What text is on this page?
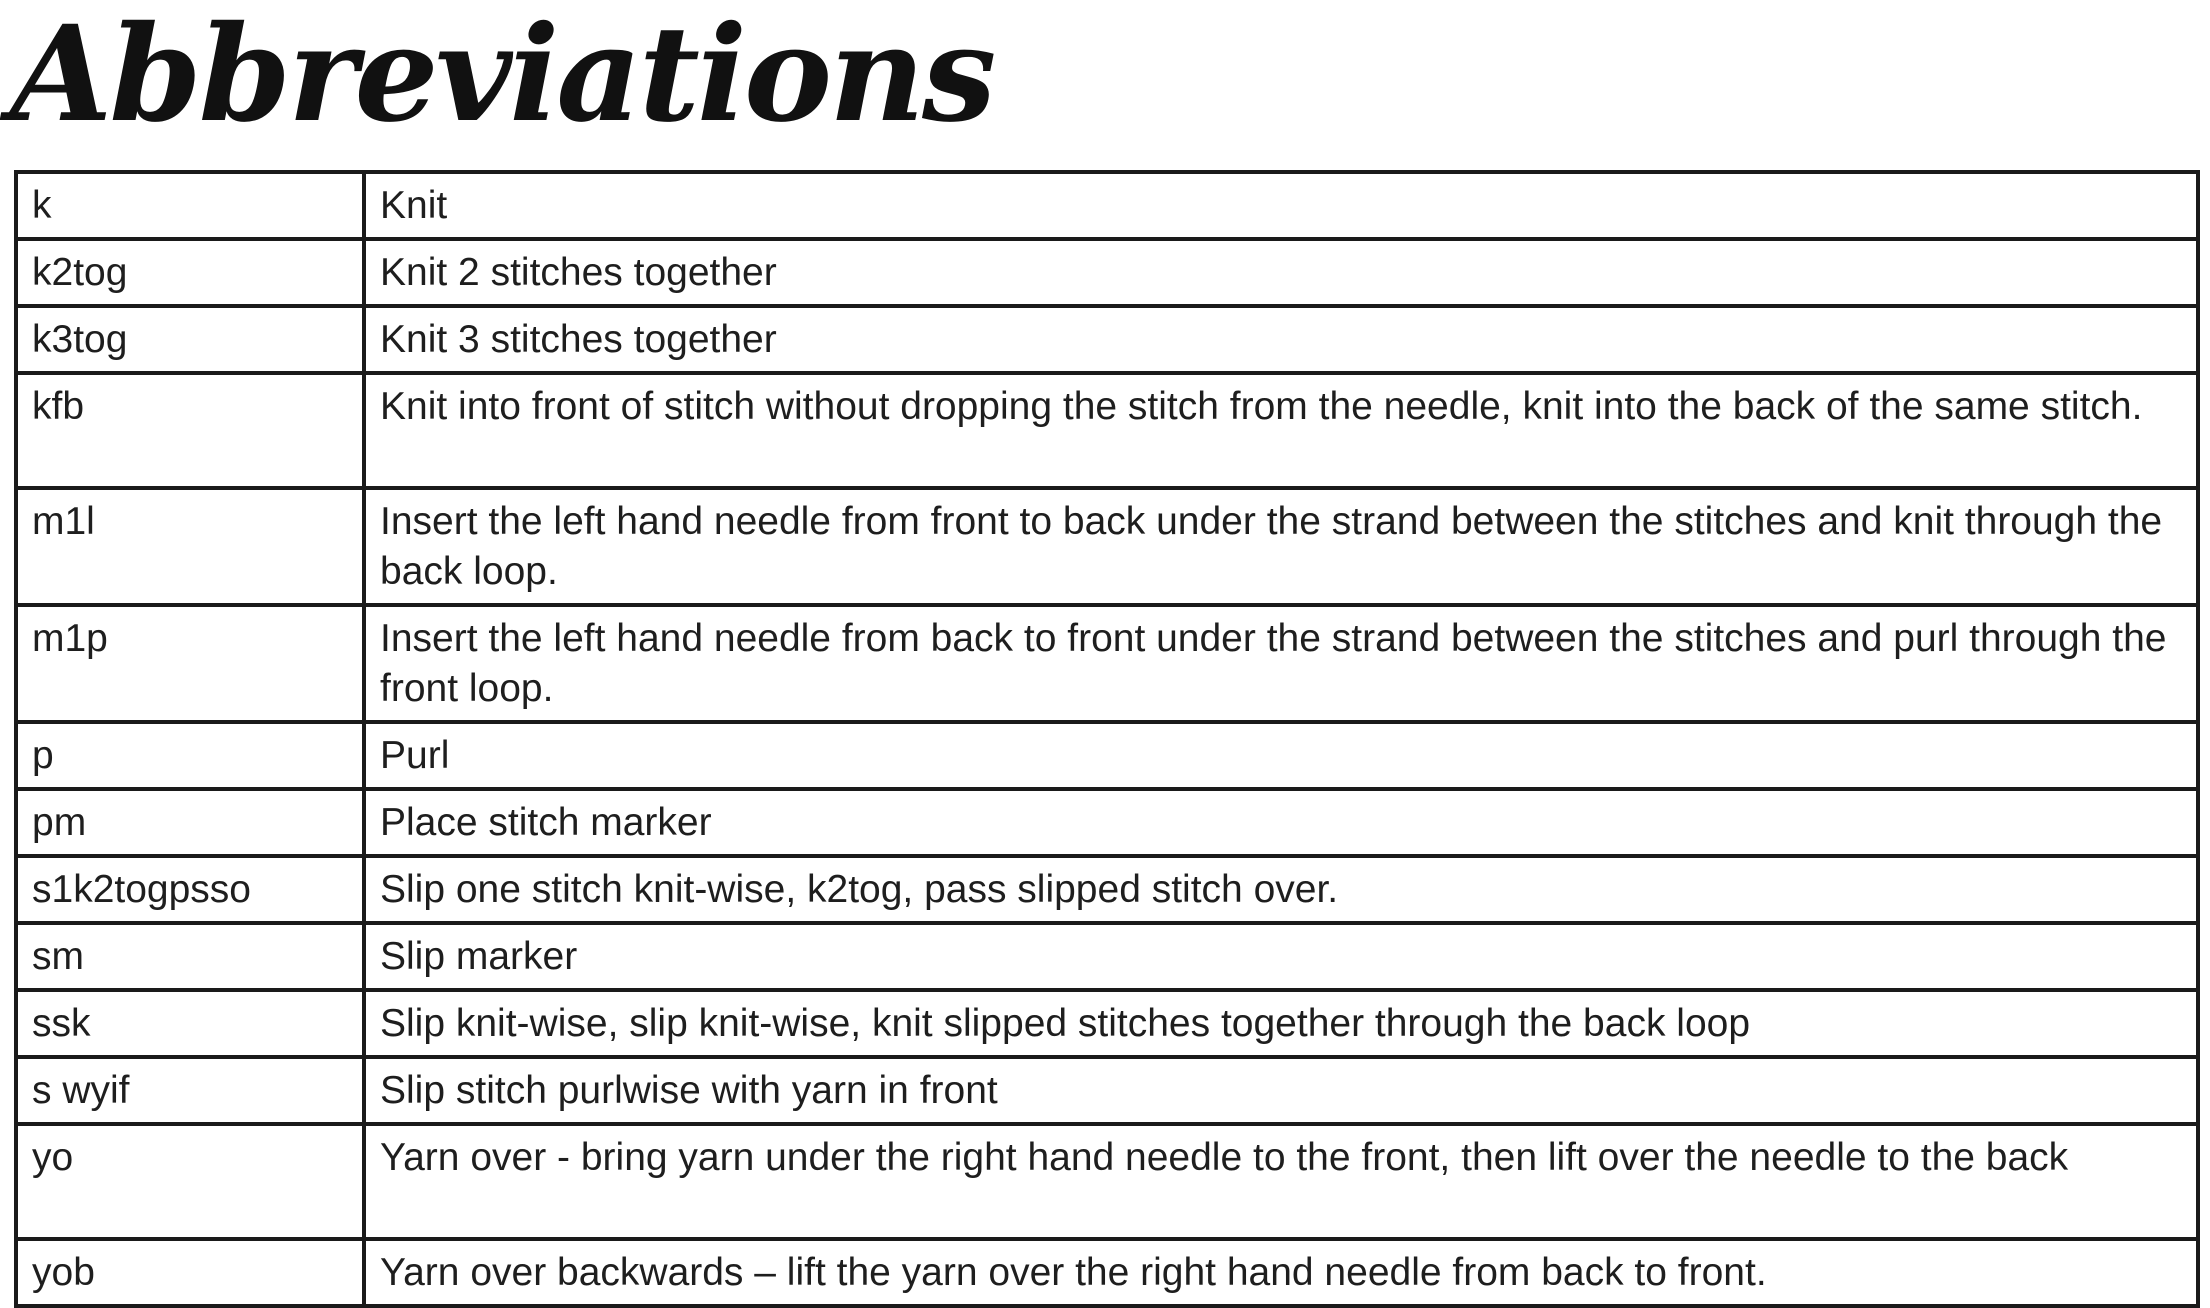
Abbreviations
k	Knit
k2tog	Knit 2 stitches together
k3tog	Knit 3 stitches together
kfb	Knit into front of stitch without dropping the stitch from the needle, knit into the back of the same stitch.
m1l	Insert the left hand needle from front to back under the strand between the stitches and knit through the back loop.
m1p	Insert the left hand needle from back to front under the strand between the stitches and purl through the front loop.
p	Purl
pm	Place stitch marker
s1k2togpsso	Slip one stitch knit-wise, k2tog, pass slipped stitch over.
sm	Slip marker
ssk	Slip knit-wise, slip knit-wise, knit slipped stitches together through the back loop
s wyif	Slip stitch purlwise with yarn in front
yo	Yarn over - bring yarn under the right hand needle to the front, then lift over the needle to the back
yob	Yarn over backwards – lift the yarn over the right hand needle from back to front.
